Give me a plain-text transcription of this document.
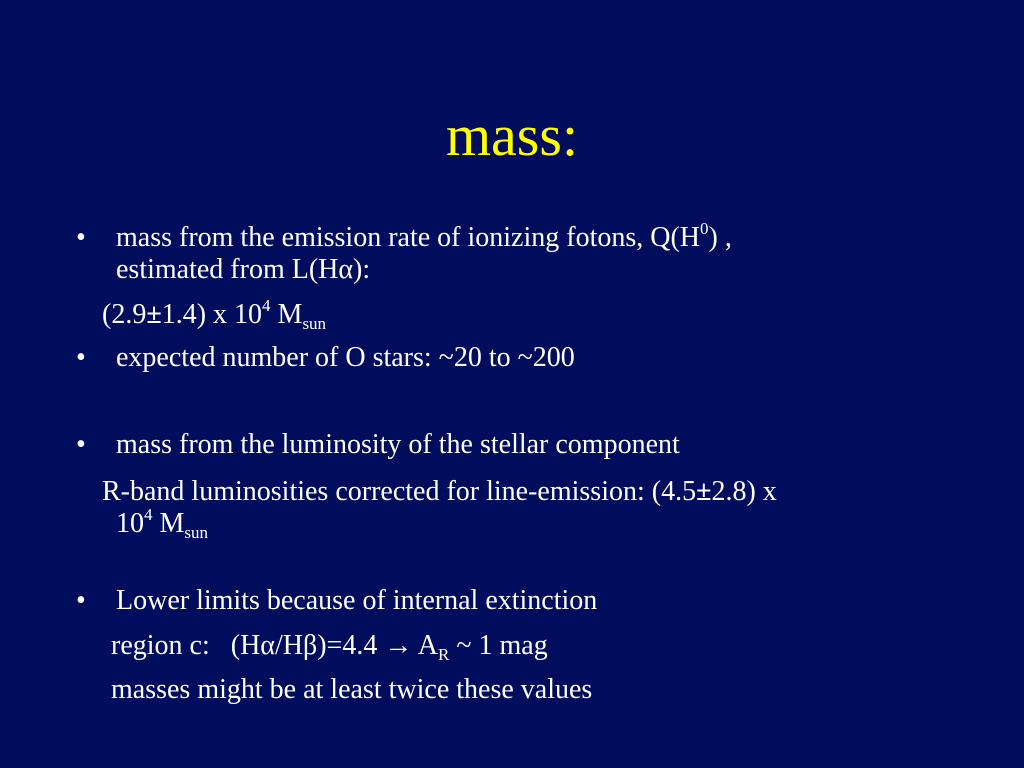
mass:
• mass from the emission rate of ionizing fotons, $Q(H^0)$ ,
estimated from L(Hα):
(2.9±1.4) x $10^4$ $M_{sun}$
• expected number of O stars: ~20 to ~200
• mass from the luminosity of the stellar component
R-band luminosities corrected for line-emission: (4.5±2.8) x
$10^4$ $M_{sun}$
• Lower limits because of internal extinction
region c:   $(H\alpha/H\beta)=4.4 \to A_R$ ~ 1 mag
masses might be at least twice these values
